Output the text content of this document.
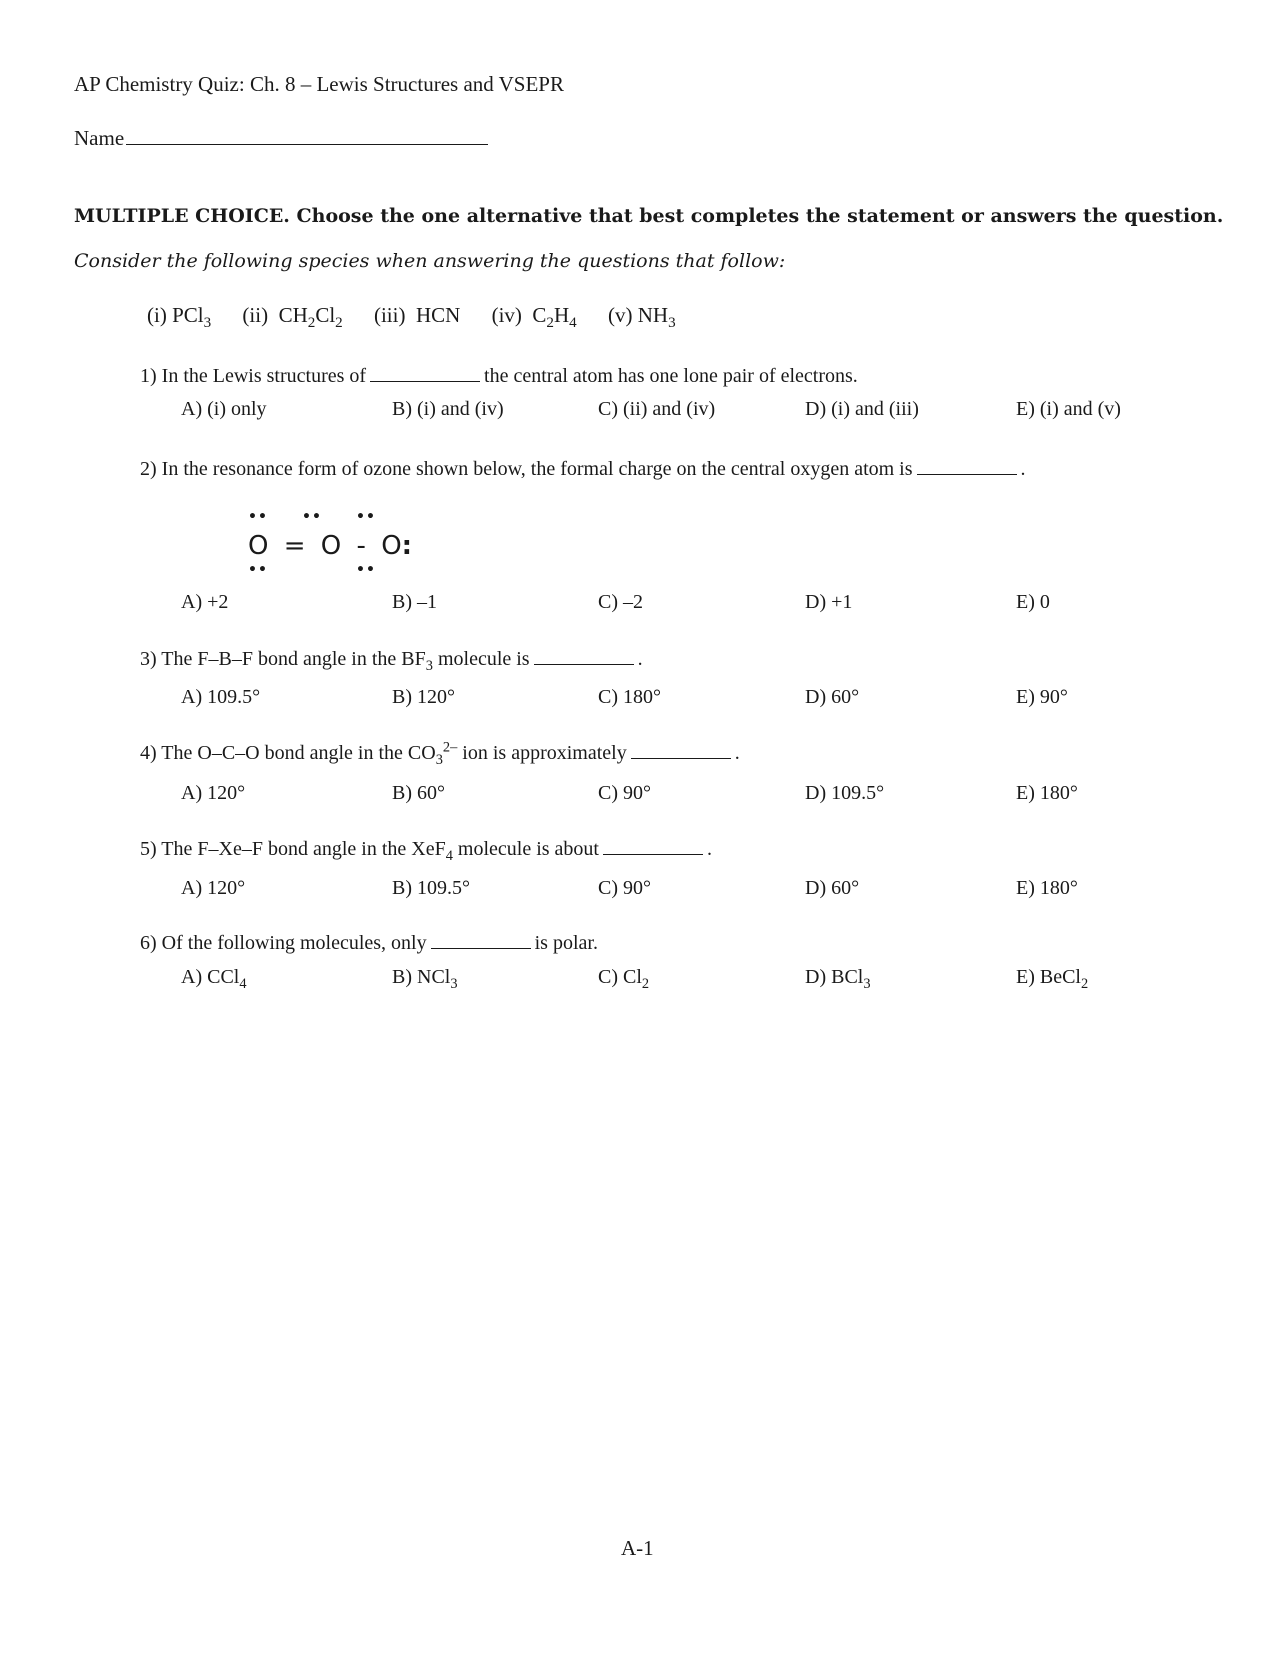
AP Chemistry Quiz: Ch. 8 – Lewis Structures and VSEPR
Name
MULTIPLE CHOICE. Choose the one alternative that best completes the statement or answers the question.
Consider the following species when answering the questions that follow:
(i) PCl$_3$ (ii) $CH_2Cl_2$ (iii) HCN (iv) $C_2H_4$ (v) $NH_3$
1) In the Lewis structures of	the central atom has one lone pair of electrons.
A) (i) only	B) (i) and (iv)	C) (ii) and (iv)	D) (i) and (iii)	E) (i) and (v)
2) In the resonance form of ozone shown below, the formal charge on the central oxygen atom is	.
•• •• ••
O = O - O:
••	••
A) +2	B) –1	C) –2	D) +1	E) 0
3) The F–B–F bond angle in the $BF_3$ molecule is	.
A) 109.5°	B) 120°	C) 180°	D) 60°	E) 90°
4) The O–C–O bond angle in the $CO_3^{2-}$ ion is approximately	.
A) 120°	B) 60°	C) 90°	D) 109.5°	E) 180°
5) The F–Xe–F bond angle in the XeF$_4$ molecule is about	.
A) 120°	B) 109.5°	C) 90°	D) 60°	E) 180°
6) Of the following molecules, only	is polar.
A) CCl$_4$	B) NCl$_3$	C) $Cl_2$	D) BCl$_3$	E) BeCl$_2$
A-1
